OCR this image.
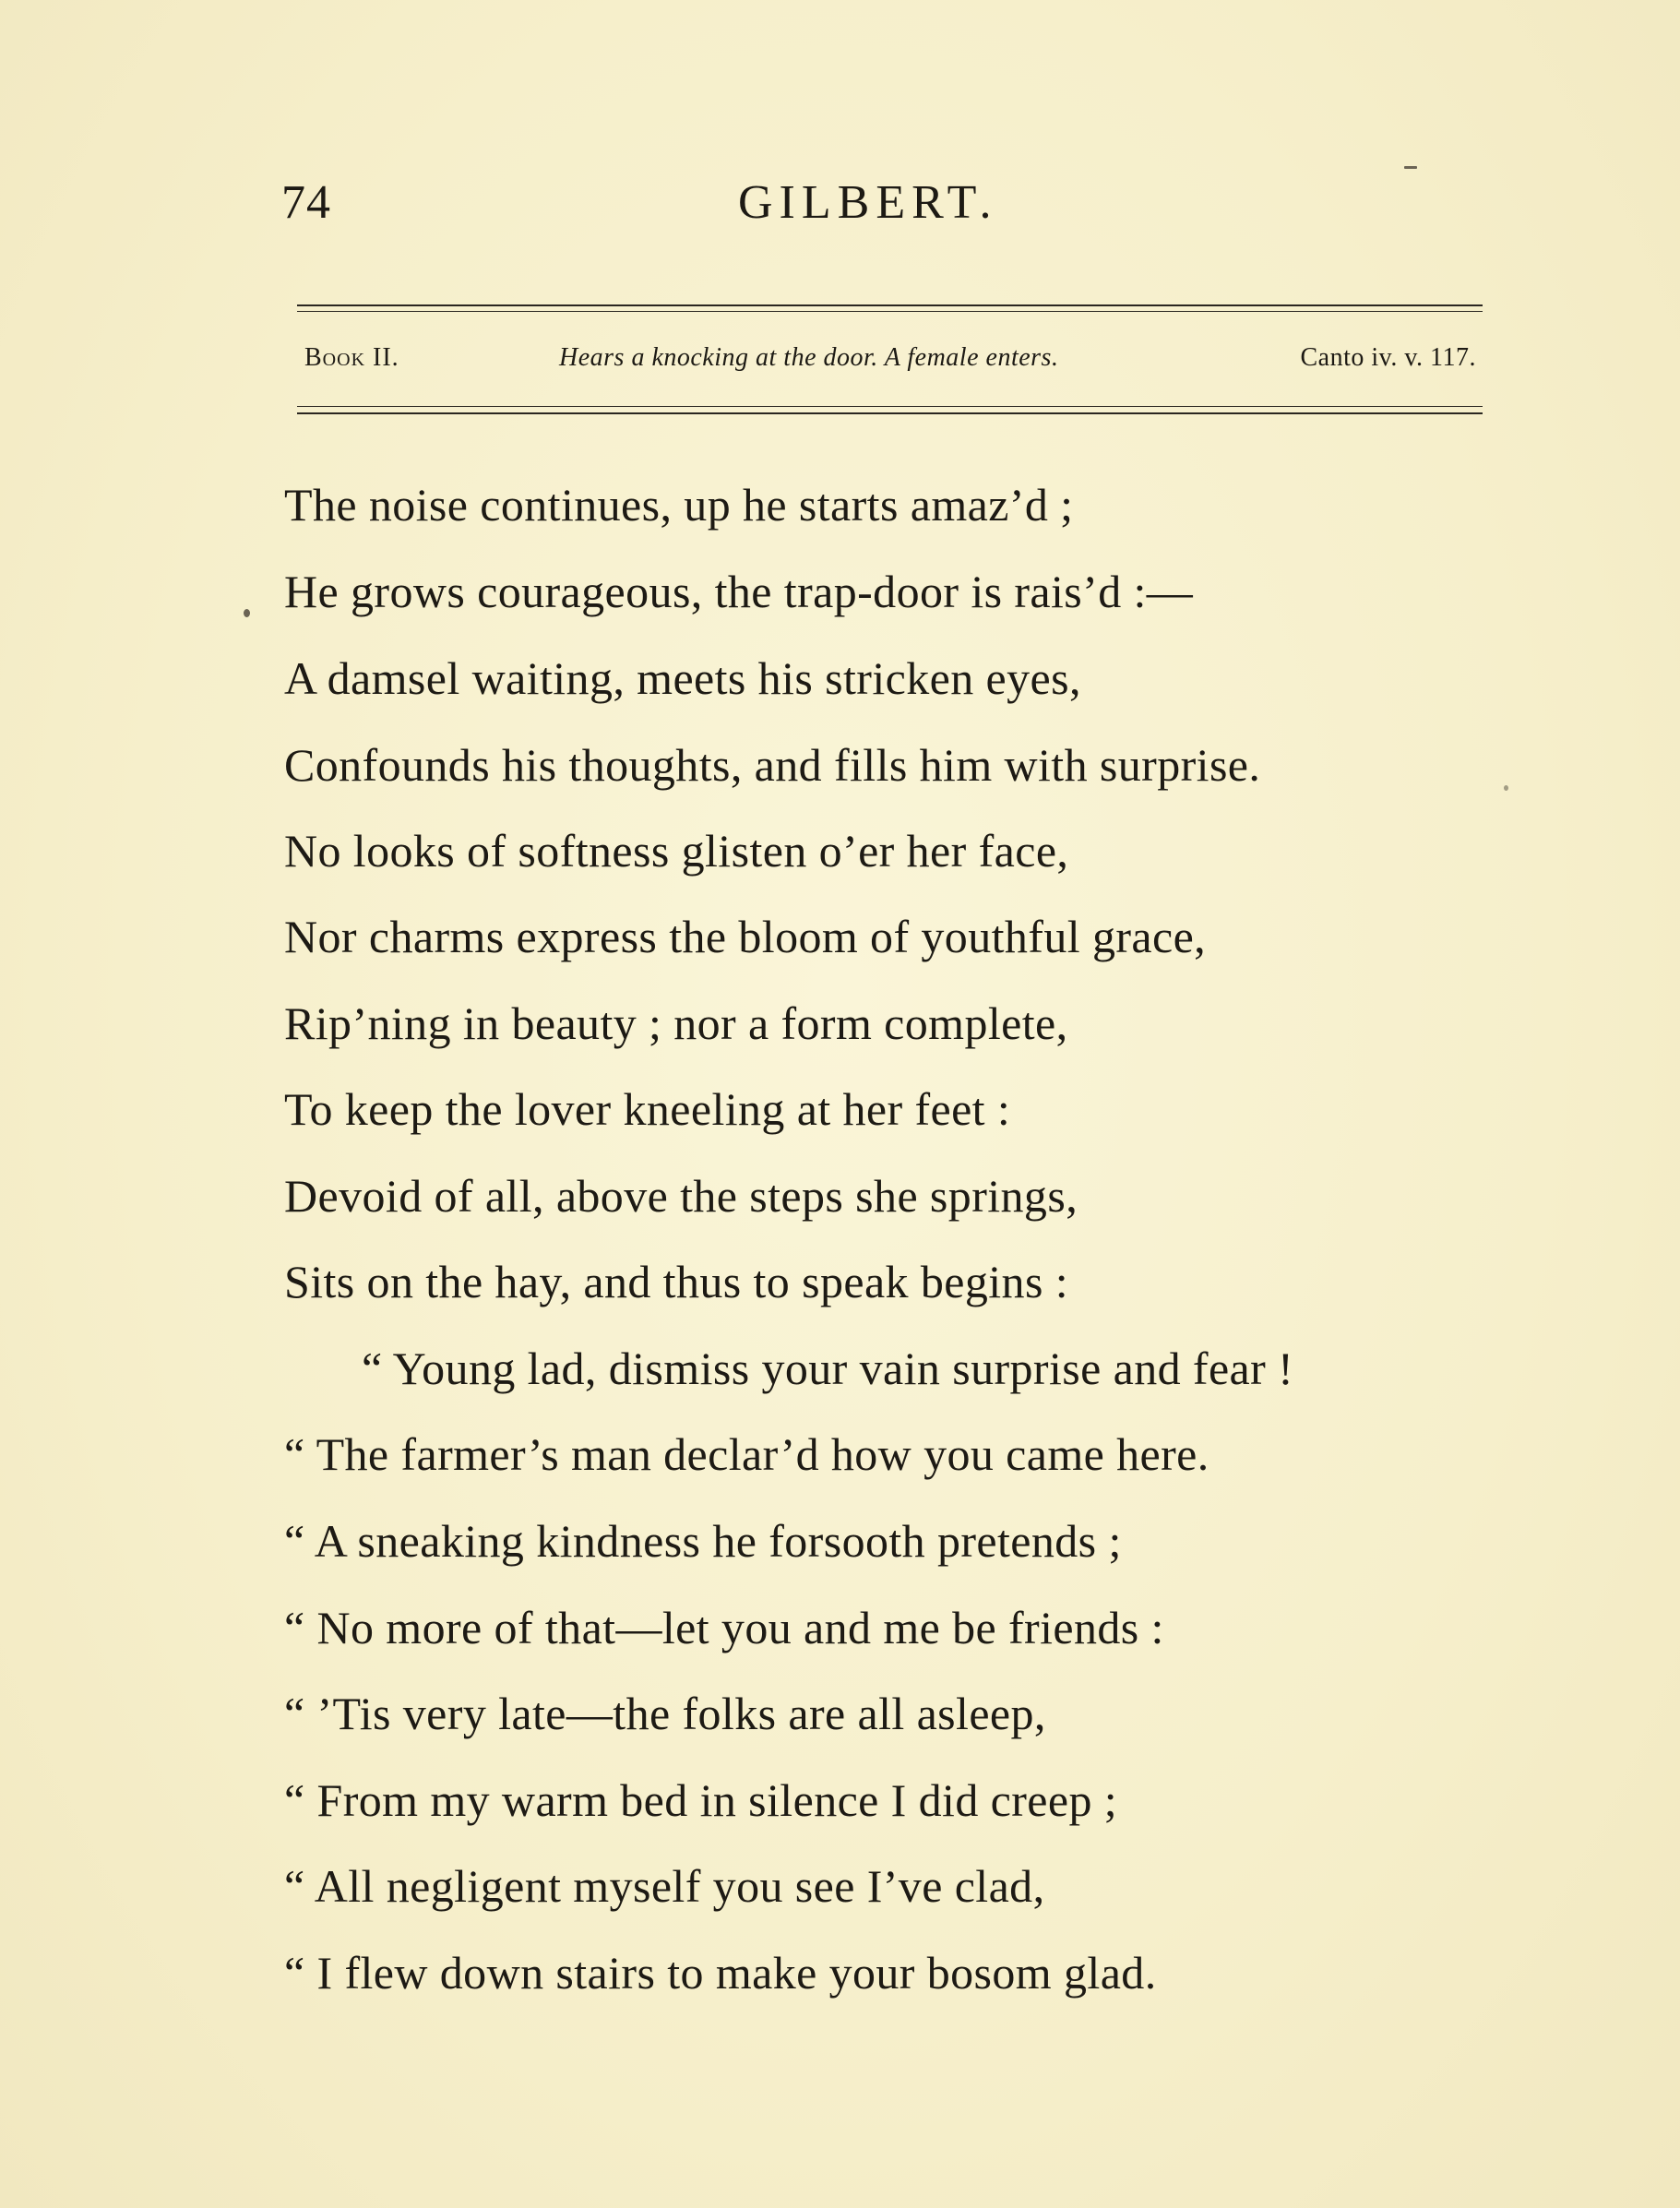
74	GILBERT.
Book II.	Hears a knocking at the door. A female enters.	Canto iv. v. 117.
The noise continues, up he starts amaz’d ;
He grows courageous, the trap-door is rais’d :—
A damsel waiting, meets his stricken eyes,
Confounds his thoughts, and fills him with surprise.
No looks of softness glisten o’er her face,
Nor charms express the bloom of youthful grace,
Rip’ning in beauty ; nor a form complete,
To keep the lover kneeling at her feet :
Devoid of all, above the steps she springs,
Sits on the hay, and thus to speak begins :
“ Young lad, dismiss your vain surprise and fear !
“ The farmer’s man declar’d how you came here.
“ A sneaking kindness he forsooth pretends ;
“ No more of that—let you and me be friends :
“ ’Tis very late—the folks are all asleep,
“ From my warm bed in silence I did creep ;
“ All negligent myself you see I’ve clad,
“ I flew down stairs to make your bosom glad.
